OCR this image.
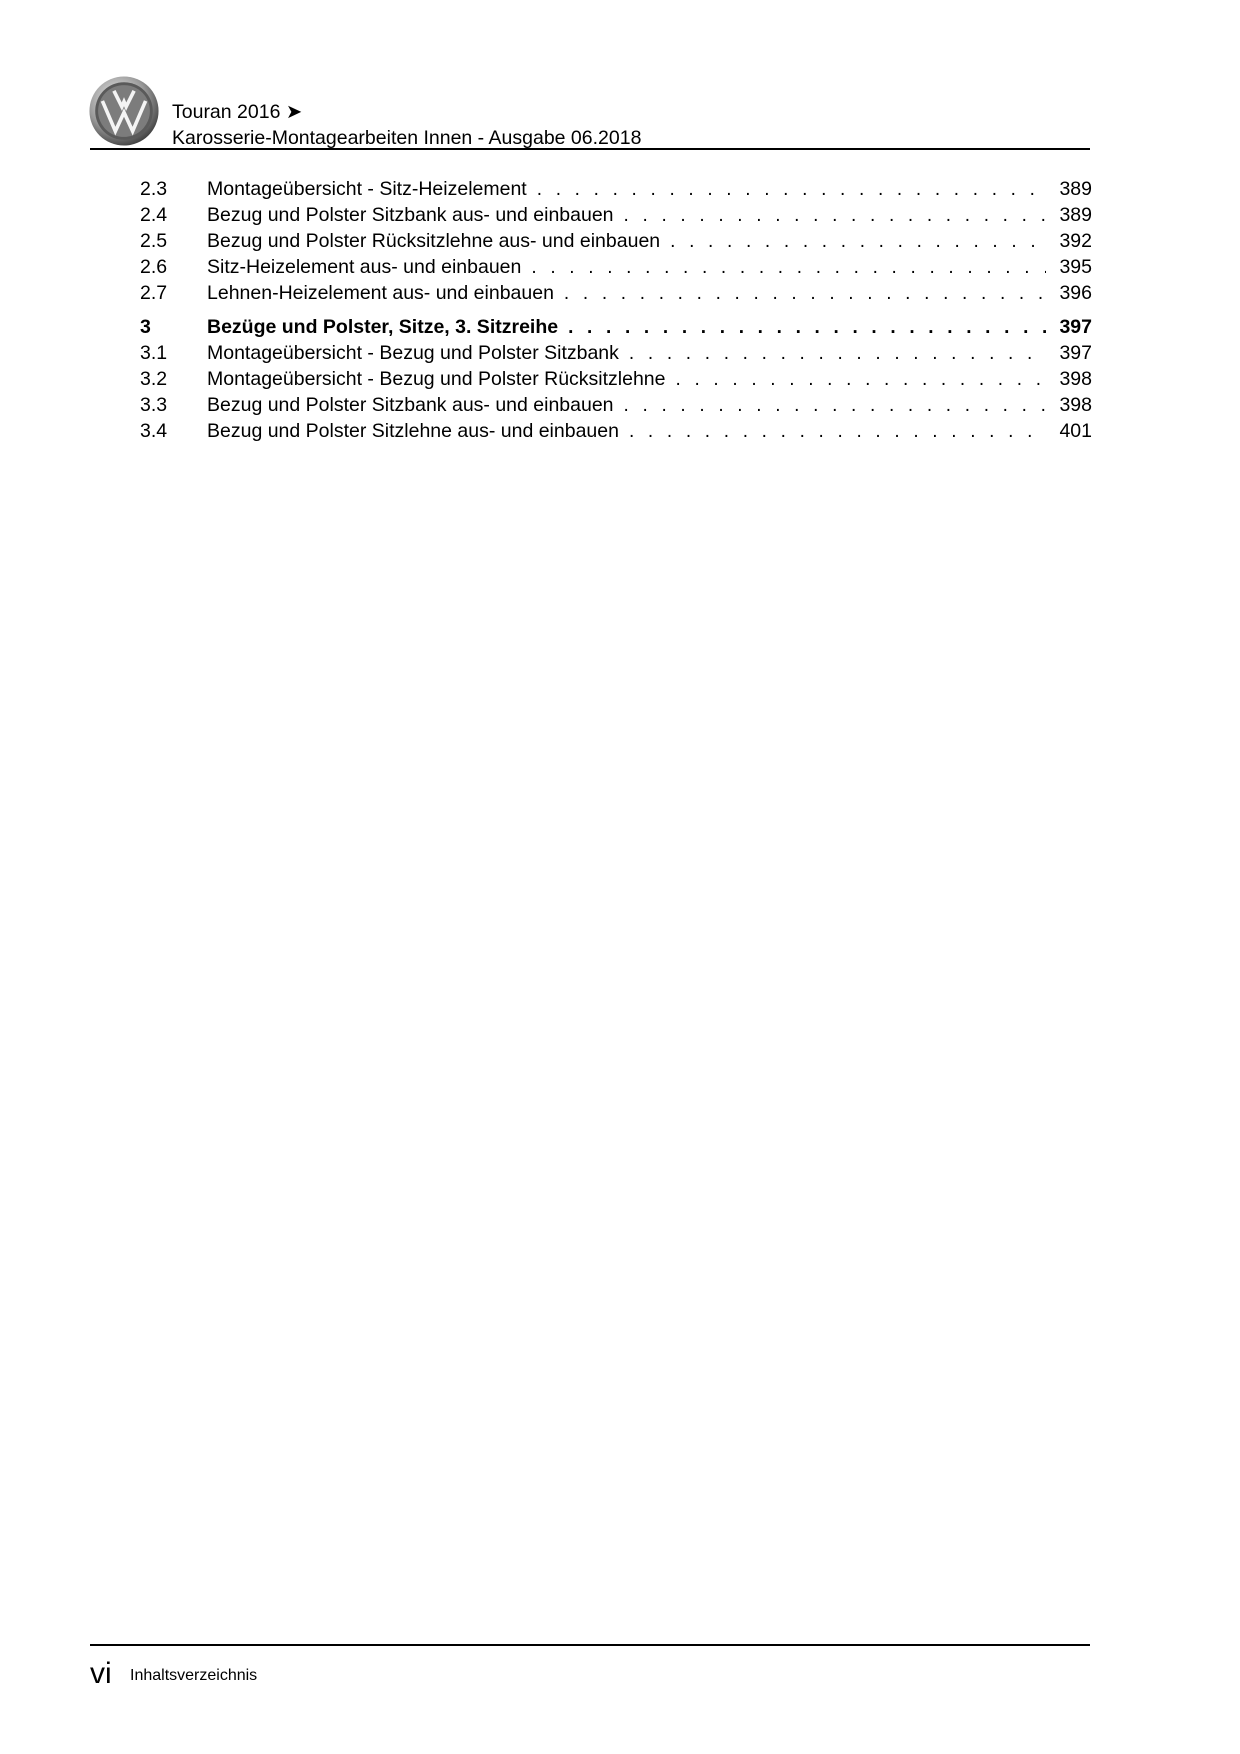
Touran 2016 ➤
Karosserie-Montagearbeiten Innen - Ausgabe 06.2018
2.3	Montageübersicht - Sitz-Heizelement . . .	389
2.4	Bezug und Polster Sitzbank aus- und einbauen . . .	389
2.5	Bezug und Polster Rücksitzlehne aus- und einbauen . . .	392
2.6	Sitz-Heizelement aus- und einbauen . . .	395
2.7	Lehnen-Heizelement aus- und einbauen . . .	396
3	Bezüge und Polster, Sitze, 3. Sitzreihe . . .	397
3.1	Montageübersicht - Bezug und Polster Sitzbank . . .	397
3.2	Montageübersicht - Bezug und Polster Rücksitzlehne . . .	398
3.3	Bezug und Polster Sitzbank aus- und einbauen . . .	398
3.4	Bezug und Polster Sitzlehne aus- und einbauen . . .	401
vi Inhaltsverzeichnis
